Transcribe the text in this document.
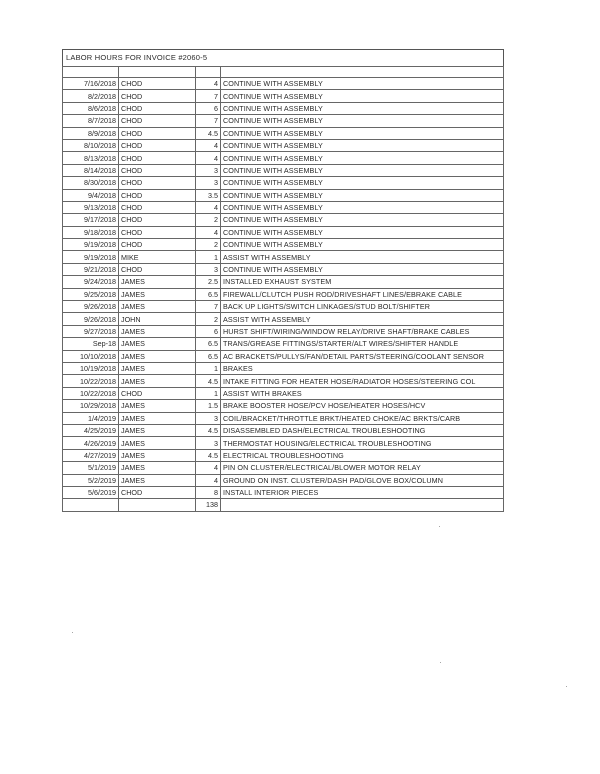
LABOR HOURS FOR INVOICE #2060-5

7/16/2018	CHOD	4	CONTINUE WITH ASSEMBLY
8/2/2018	CHOD	7	CONTINUE WITH ASSEMBLY
8/6/2018	CHOD	6	CONTINUE WITH ASSEMBLY
8/7/2018	CHOD	7	CONTINUE WITH ASSEMBLY
8/9/2018	CHOD	4.5	CONTINUE WITH ASSEMBLY
8/10/2018	CHOD	4	CONTINUE WITH ASSEMBLY
8/13/2018	CHOD	4	CONTINUE WITH ASSEMBLY
8/14/2018	CHOD	3	CONTINUE WITH ASSEMBLY
8/30/2018	CHOD	3	CONTINUE WITH ASSEMBLY
9/4/2018	CHOD	3.5	CONTINUE WITH ASSEMBLY
9/13/2018	CHOD	4	CONTINUE WITH ASSEMBLY
9/17/2018	CHOD	2	CONTINUE WITH ASSEMBLY
9/18/2018	CHOD	4	CONTINUE WITH ASSEMBLY
9/19/2018	CHOD	2	CONTINUE WITH ASSEMBLY
9/19/2018	MIKE	1	ASSIST WITH ASSEMBLY
9/21/2018	CHOD	3	CONTINUE WITH ASSEMBLY
9/24/2018	JAMES	2.5	INSTALLED EXHAUST SYSTEM
9/25/2018	JAMES	6.5	FIREWALL/CLUTCH PUSH ROD/DRIVESHAFT LINES/EBRAKE CABLE
9/26/2018	JAMES	7	BACK UP LIGHTS/SWITCH LINKAGES/STUD BOLT/SHIFTER
9/26/2018	JOHN	2	ASSIST WITH ASSEMBLY
9/27/2018	JAMES	6	HURST SHIFT/WIRING/WINDOW RELAY/DRIVE SHAFT/BRAKE CABLES
Sep-18	JAMES	6.5	TRANS/GREASE FITTINGS/STARTER/ALT WIRES/SHIFTER HANDLE
10/10/2018	JAMES	6.5	AC BRACKETS/PULLYS/FAN/DETAIL PARTS/STEERING/COOLANT SENSOR
10/19/2018	JAMES	1	BRAKES
10/22/2018	JAMES	4.5	INTAKE FITTING FOR HEATER HOSE/RADIATOR HOSES/STEERING COL
10/22/2018	CHOD	1	ASSIST WITH BRAKES
10/29/2018	JAMES	1.5	BRAKE BOOSTER HOSE/PCV HOSE/HEATER HOSES/HCV
1/4/2019	JAMES	3	COIL/BRACKET/THROTTLE BRKT/HEATED CHOKE/AC BRKTS/CARB
4/25/2019	JAMES	4.5	DISASSEMBLED DASH/ELECTRICAL TROUBLESHOOTING
4/26/2019	JAMES	3	THERMOSTAT HOUSING/ELECTRICAL TROUBLESHOOTING
4/27/2019	JAMES	4.5	ELECTRICAL TROUBLESHOOTING
5/1/2019	JAMES	4	PIN ON CLUSTER/ELECTRICAL/BLOWER MOTOR RELAY
5/2/2019	JAMES	4	GROUND ON INST. CLUSTER/DASH PAD/GLOVE BOX/COLUMN
5/6/2019	CHOD	8	INSTALL INTERIOR PIECES
		138	
